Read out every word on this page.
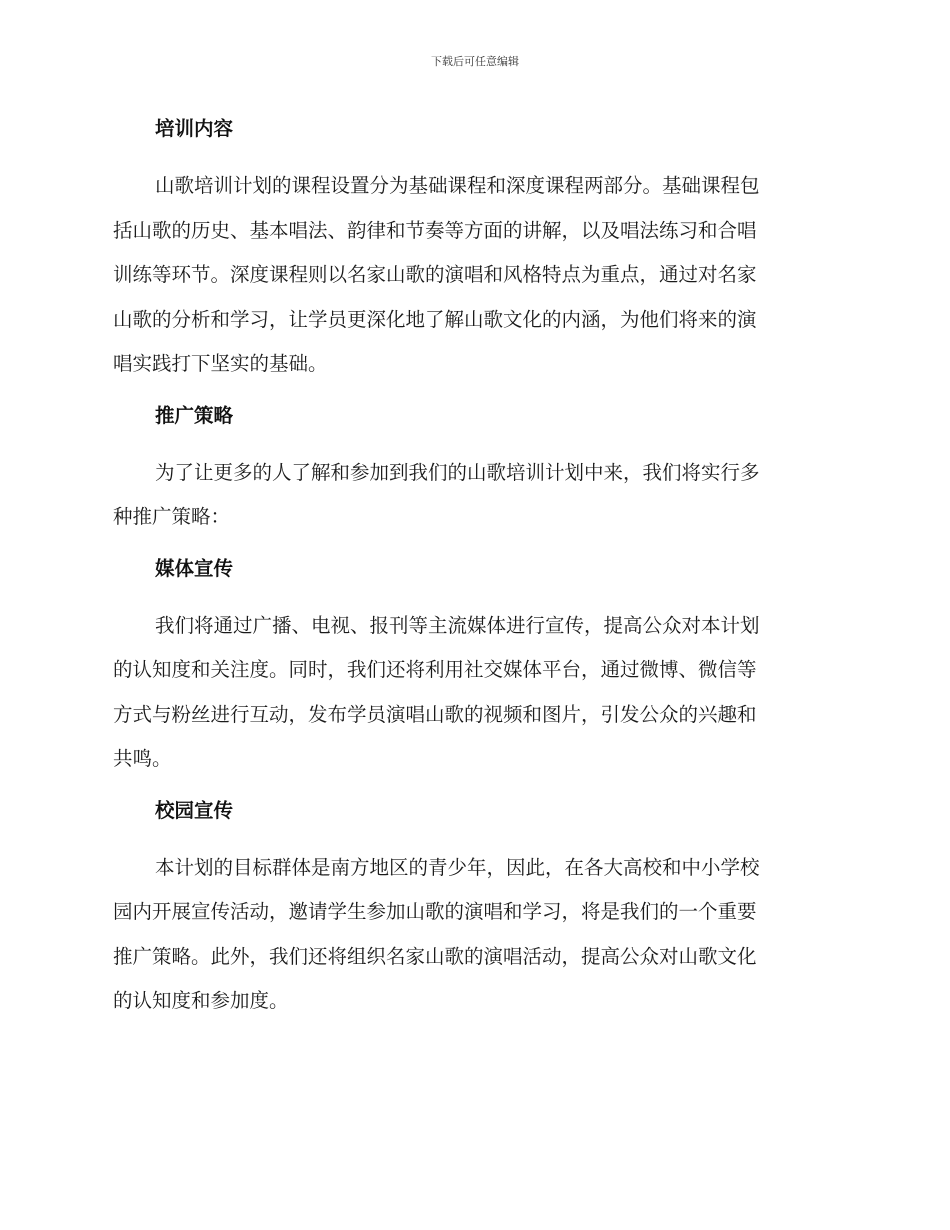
下载后可任意编辑
培训内容
山歌培训计划的课程设置分为基础课程和深度课程两部分。基础课程包
括山歌的历史、基本唱法、韵律和节奏等方面的讲解，以及唱法练习和合唱
训练等环节。深度课程则以名家山歌的演唱和风格特点为重点，通过对名家
山歌的分析和学习，让学员更深化地了解山歌文化的内涵，为他们将来的演
唱实践打下坚实的基础。
推广策略
为了让更多的人了解和参加到我们的山歌培训计划中来，我们将实行多
种推广策略：
媒体宣传
我们将通过广播、电视、报刊等主流媒体进行宣传，提高公众对本计划
的认知度和关注度。同时，我们还将利用社交媒体平台，通过微博、微信等
方式与粉丝进行互动，发布学员演唱山歌的视频和图片，引发公众的兴趣和
共鸣。
校园宣传
本计划的目标群体是南方地区的青少年，因此，在各大高校和中小学校
园内开展宣传活动，邀请学生参加山歌的演唱和学习，将是我们的一个重要
推广策略。此外，我们还将组织名家山歌的演唱活动，提高公众对山歌文化
的认知度和参加度。
